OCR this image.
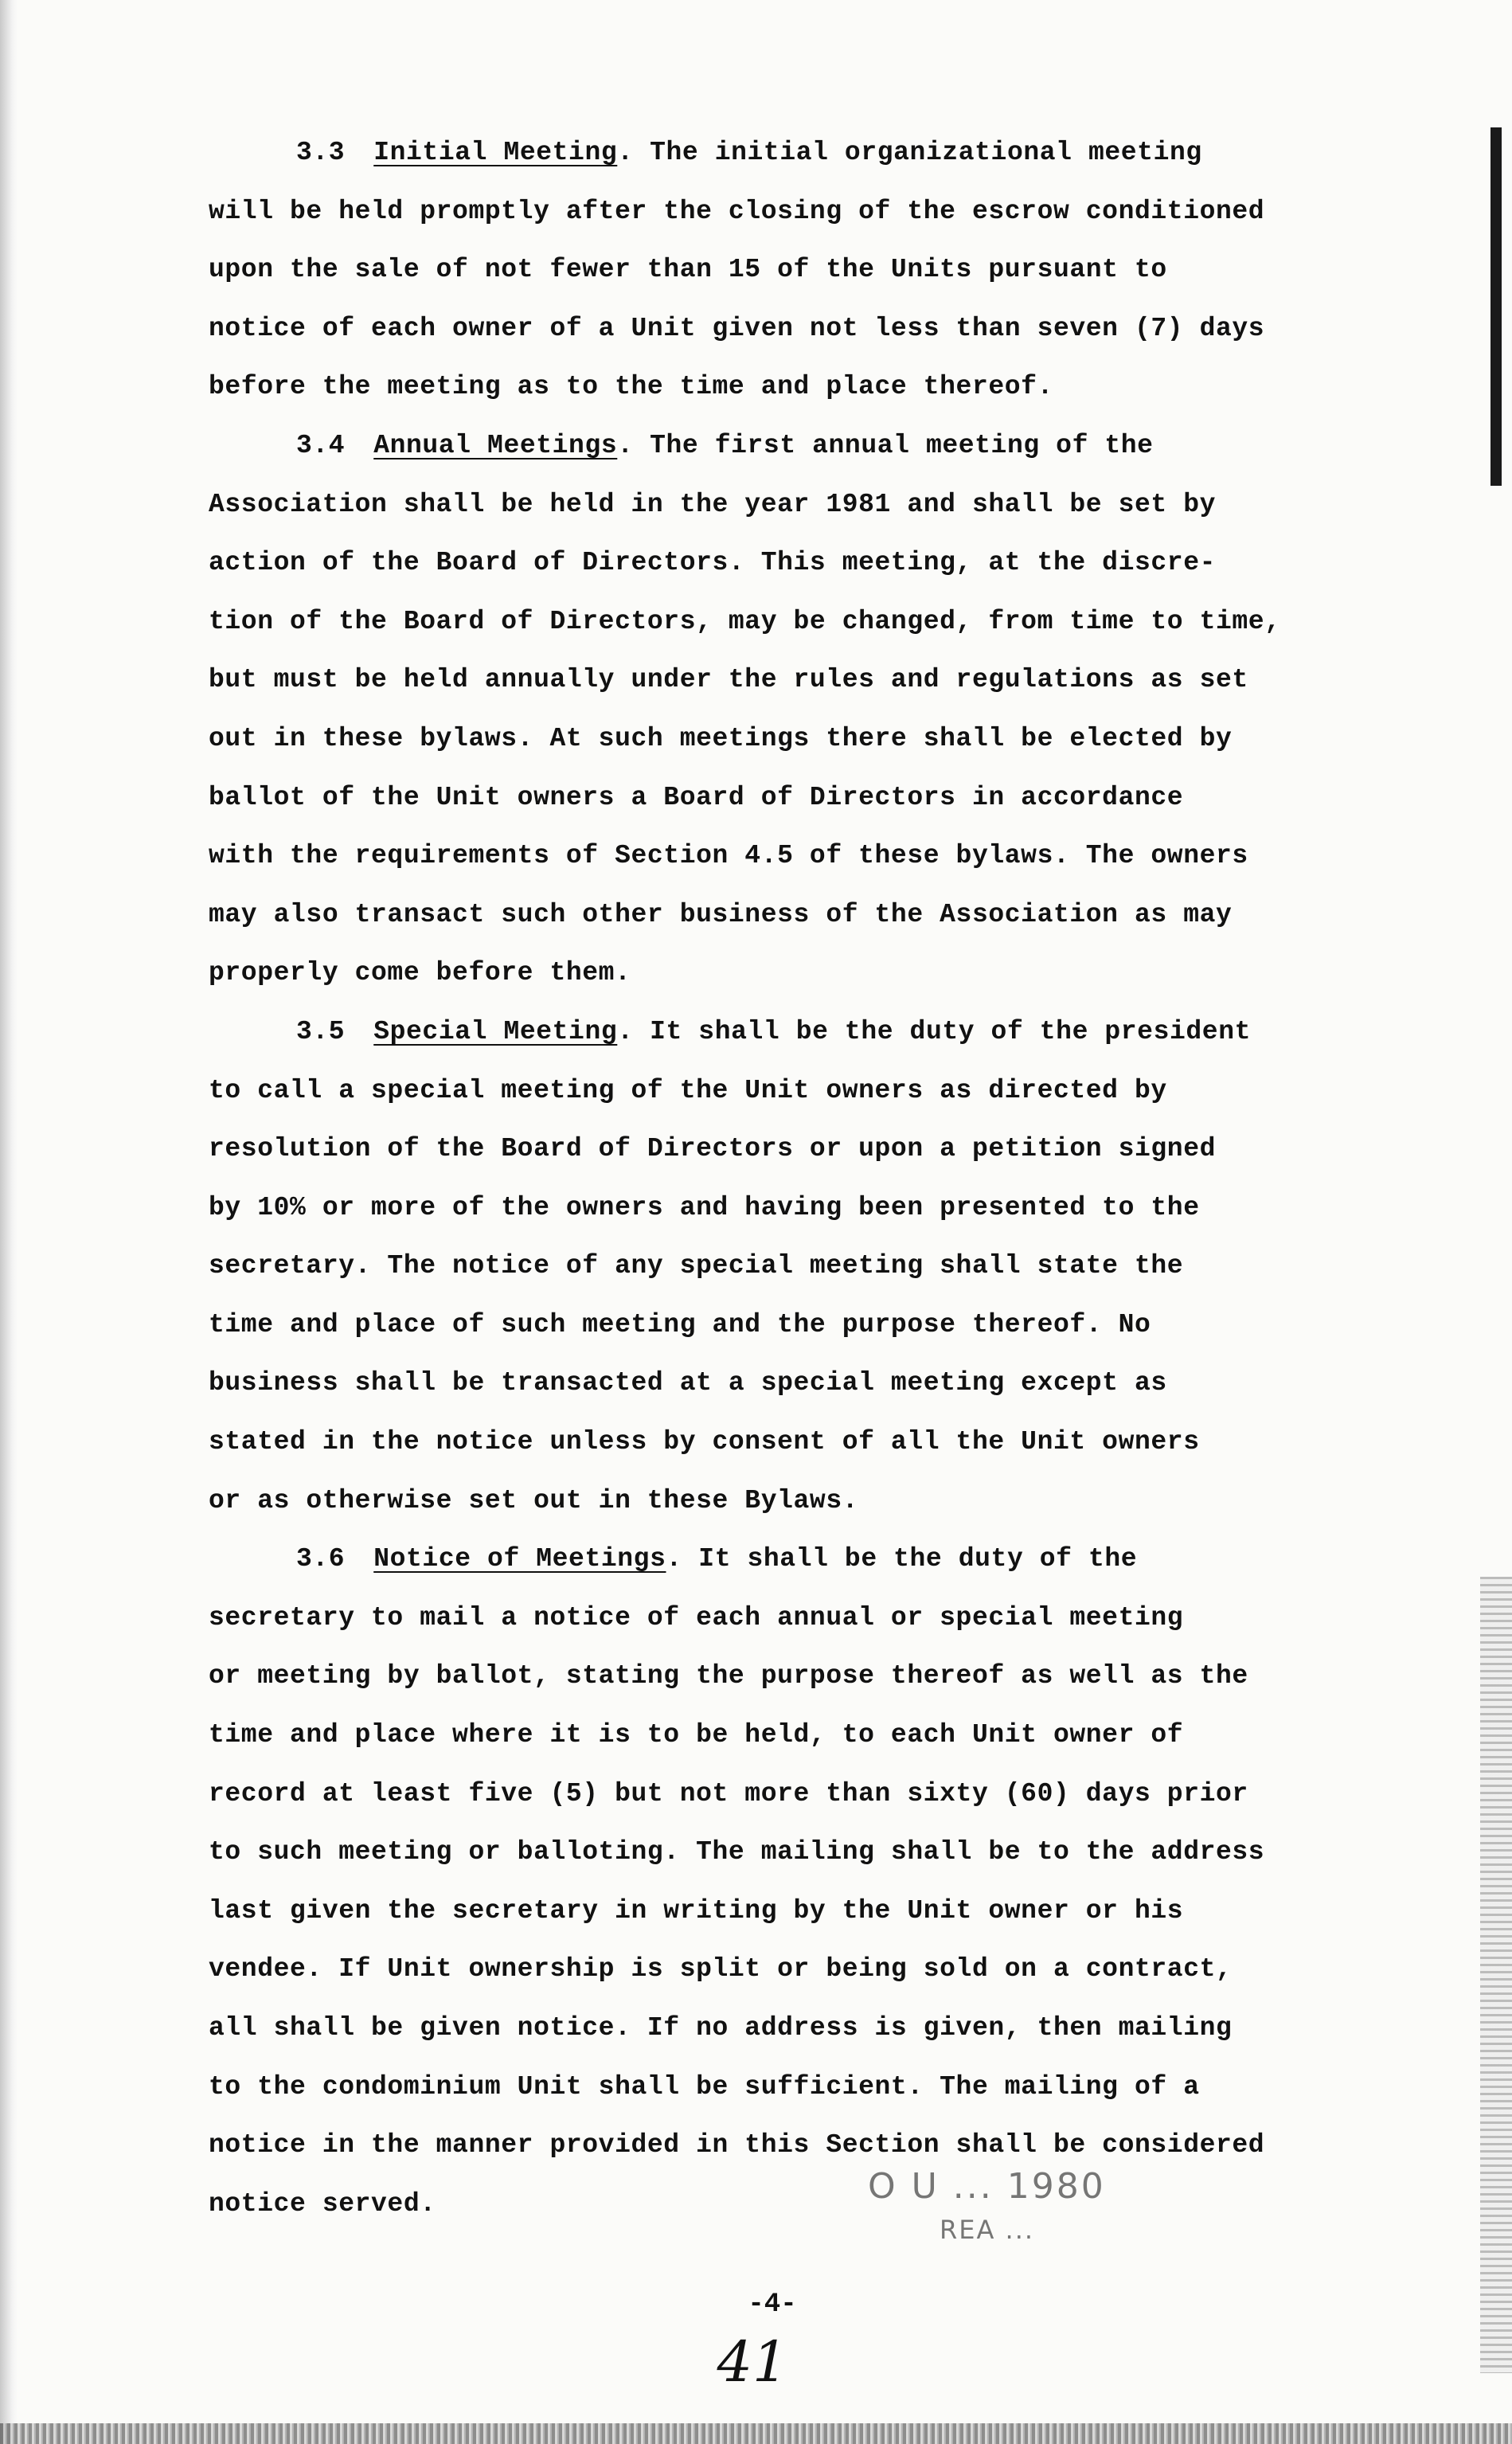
3.3 Initial Meeting. The initial organizational meeting
will be held promptly after the closing of the escrow conditioned
upon the sale of not fewer than 15 of the Units pursuant to
notice of each owner of a Unit given not less than seven (7) days
before the meeting as to the time and place thereof.
3.4 Annual Meetings. The first annual meeting of the
Association shall be held in the year 1981 and shall be set by
action of the Board of Directors. This meeting, at the discre-
tion of the Board of Directors, may be changed, from time to time,
but must be held annually under the rules and regulations as set
out in these bylaws. At such meetings there shall be elected by
ballot of the Unit owners a Board of Directors in accordance
with the requirements of Section 4.5 of these bylaws. The owners
may also transact such other business of the Association as may
properly come before them.
3.5 Special Meeting. It shall be the duty of the president
to call a special meeting of the Unit owners as directed by
resolution of the Board of Directors or upon a petition signed
by 10% or more of the owners and having been presented to the
secretary. The notice of any special meeting shall state the
time and place of such meeting and the purpose thereof. No
business shall be transacted at a special meeting except as
stated in the notice unless by consent of all the Unit owners
or as otherwise set out in these Bylaws.
3.6 Notice of Meetings. It shall be the duty of the
secretary to mail a notice of each annual or special meeting
or meeting by ballot, stating the purpose thereof as well as the
time and place where it is to be held, to each Unit owner of
record at least five (5) but not more than sixty (60) days prior
to such meeting or balloting. The mailing shall be to the address
last given the secretary in writing by the Unit owner or his
vendee. If Unit ownership is split or being sold on a contract,
all shall be given notice. If no address is given, then mailing
to the condominium Unit shall be sufficient. The mailing of a
notice in the manner provided in this Section shall be considered
notice served.	O U ... 1980
REA ...
-4-
41
